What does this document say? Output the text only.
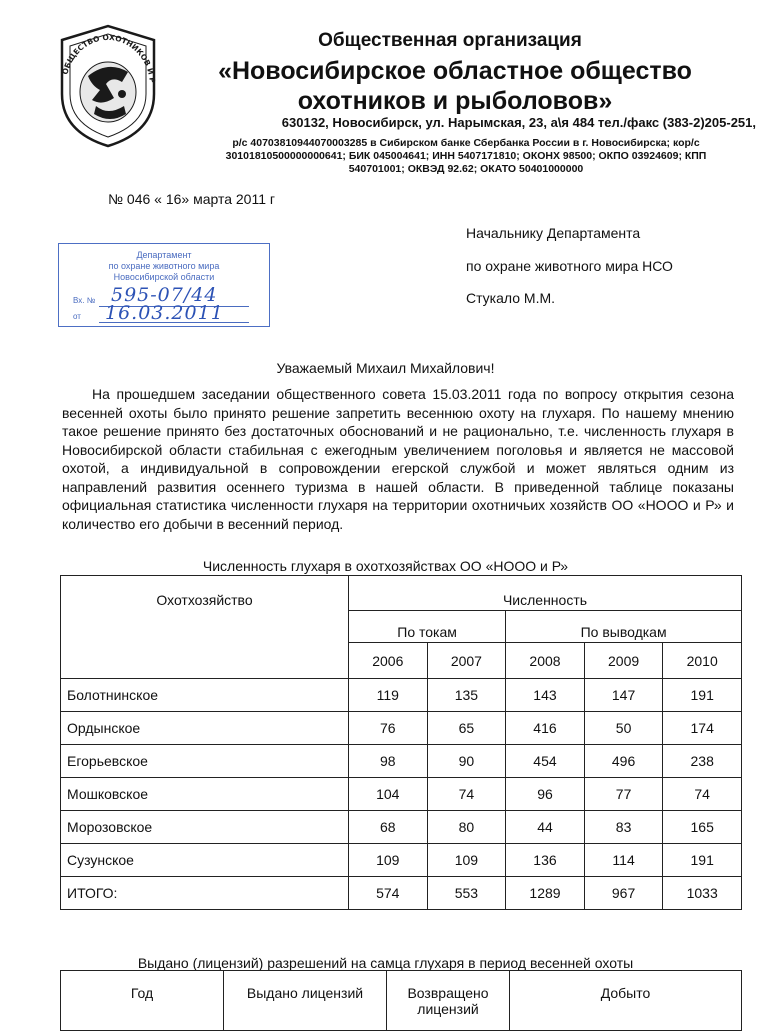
ОБЩЕСТВО ОХОТНИКОВ И Р
Общественная организация
«Новосибирское областное общество
охотников и рыболовов»
630132, Новосибирск, ул. Нарымская, 23, а\я 484 тел./факс (383-2)205-251,
р/с 40703810944070003285 в Сибирском банке Сбербанка России в г. Новосибирска; кор/с
30101810500000000641; БИК 045004641; ИНН 5407171810; ОКОНХ 98500; ОКПО 03924609; КПП
540701001; ОКВЭД 92.62; ОКАТО 50401000000
№ 046 « 16» марта 2011 г
Начальнику Департамента
по охране животного мира НСО
Стукало М.М.
Департамент
по охране животного мира
Новосибирской области
Вх. № 595-07/44
от 16.03.2011
Уважаемый Михаил Михайлович!
На прошедшем заседании общественного совета 15.03.2011 года по вопросу открытия сезона весенней охоты было принято решение запретить весеннюю охоту на глухаря. По нашему мнению такое решение принято без достаточных обоснований и не рационально, т.е. численность глухаря в Новосибирской области стабильная с ежегодным увеличением поголовья и является не массовой охотой, а индивидуальной в сопровождении егерской службой и может являться одним из направлений развития осеннего туризма в нашей области. В приведенной таблице показаны официальная статистика численности глухаря на территории охотничьих хозяйств ОО «НООО и Р» и количество его добычи в весенний период.
Численность глухаря в охотхозяйствах ОО «НООО и Р»
Охотхозяйство	Численность				
	По токам		По выводкам		
	2006	2007	2008	2009	2010
Болотнинское	119	135	143	147	191
Ордынское	76	65	416	50	174
Егорьевское	98	90	454	496	238
Мошковское	104	74	96	77	74
Морозовское	68	80	44	83	165
Сузунское	109	109	136	114	191
ИТОГО:	574	553	1289	967	1033
Выдано (лицензий) разрешений на самца глухаря в период весенней охоты
Год	Выдано лицензий	Возвращено лицензий	Добыто
